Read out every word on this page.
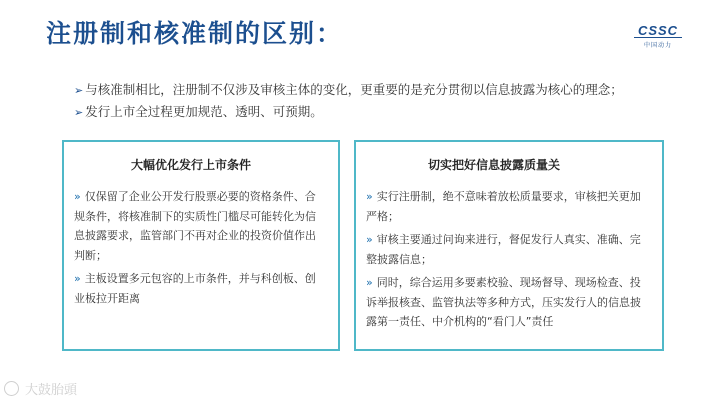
注册制和核准制的区别：	CSSC
中国动力
➢ 与核准制相比，注册制不仅涉及审核主体的变化，更重要的是充分贯彻以信息披露为核心的理念；
➢ 发行上市全过程更加规范、透明、可预期。
大幅优化发行上市条件
» 仅保留了企业公开发行股票必要的资格条件、合规条件，将核准制下的实质性门槛尽可能转化为信息披露要求，监管部门不再对企业的投资价值作出判断；
» 主板设置多元包容的上市条件，并与科创板、创业板拉开距离
切实把好信息披露质量关
» 实行注册制，绝不意味着放松质量要求，审核把关更加严格；
» 审核主要通过问询来进行，督促发行人真实、准确、完整披露信息；
» 同时，综合运用多要素校验、现场督导、现场检查、投诉举报核查、监管执法等多种方式，压实发行人的信息披露第一责任、中介机构的“看门人”责任
大鼓胎頭
